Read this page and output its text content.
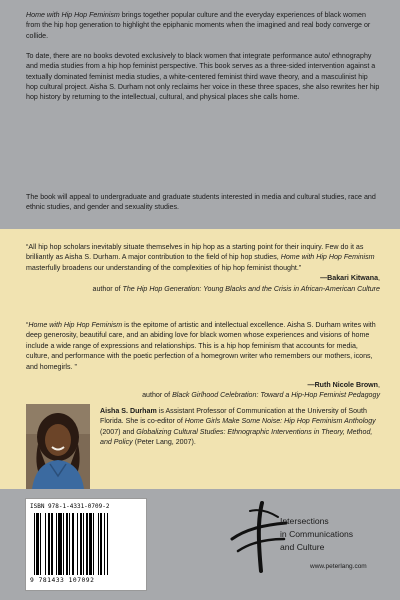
Home with Hip Hop Feminism brings together popular culture and the everyday experiences of black women from the hip hop generation to highlight the epiphanic moments when the imagined and real body converge or collide.

To date, there are no books devoted exclusively to black women that integrate performance auto/ ethnography and media studies from a hip hop feminist perspective. This book serves as a three-sided intervention against a textually dominated feminist media studies, a white-centered feminist third wave theory, and a masculinist hip hop cultural project. Aisha S. Durham not only reclaims her voice in these three spaces, she also rewrites her hip hop history by returning to the intellectual, cultural, and physical places she calls home.

The book will appeal to undergraduate and graduate students interested in media and cultural studies, race and ethnic studies, and gender and sexuality studies.

“All hip hop scholars inevitably situate themselves in hip hop as a starting point for their inquiry. Few do it as brilliantly as Aisha S. Durham. A major contribution to the field of hip hop studies, Home with Hip Hop Feminism masterfully broadens our understanding of the complexities of hip hop feminist thought.”
—Bakari Kitwana,
author of The Hip Hop Generation: Young Blacks and the Crisis in African-American Culture
“Home with Hip Hop Feminism is the epitome of artistic and intellectual excellence. Aisha S. Durham writes with deep generosity, beautiful care, and an abiding love for black women whose experiences and visions of home include a wide range of expressions and relationships. This is a hip hop feminism that accounts for media, culture, and performance with the poetic perfection of a homegrown writer who remembers our mothers, icons, and homegirls. ”
—Ruth Nicole Brown,
author of Black Girlhood Celebration: Toward a Hip-Hop Feminist Pedagogy

Aisha S. Durham is Assistant Professor of Communication at the University of South Florida. She is co-editor of Home Girls Make Some Noise: Hip Hop Feminism Anthology (2007) and Globalizing Cultural Studies: Ethnographic Interventions in Theory, Method, and Policy (Peter Lang, 2007).

ISBN 978-1-4331-0709-2
9 781433 107092

Intersections
in Communications
and Culture

www.peterlang.com
